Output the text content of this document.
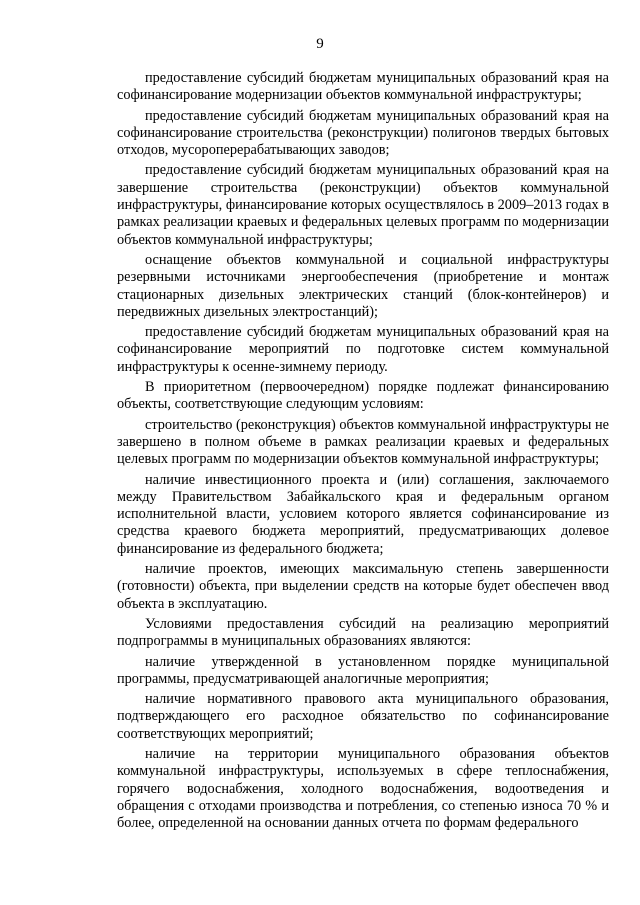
9

предоставление субсидий бюджетам муниципальных образований края на софинансирование модернизации объектов коммунальной инфраструктуры;

предоставление субсидий бюджетам муниципальных образований края на софинансирование строительства (реконструкции) полигонов твердых бытовых отходов, мусороперерабатывающих заводов;

предоставление субсидий бюджетам муниципальных образований края на завершение строительства (реконструкции) объектов коммунальной инфраструктуры, финансирование которых осуществлялось в 2009–2013 годах в рамках реализации краевых и федеральных целевых программ по модернизации объектов коммунальной инфраструктуры;

оснащение объектов коммунальной и социальной инфраструктуры резервными источниками энергообеспечения (приобретение и монтаж стационарных дизельных электрических станций (блок-контейнеров) и передвижных дизельных электростанций);

предоставление субсидий бюджетам муниципальных образований края на софинансирование мероприятий по подготовке систем коммунальной инфраструктуры к осенне-зимнему периоду.

В приоритетном (первоочередном) порядке подлежат финансированию объекты, соответствующие следующим условиям:

строительство (реконструкция) объектов коммунальной инфраструктуры не завершено в полном объеме в рамках реализации краевых и федеральных целевых программ по модернизации объектов коммунальной инфраструктуры;

наличие инвестиционного проекта и (или) соглашения, заключаемого между Правительством Забайкальского края и федеральным органом исполнительной власти, условием которого является софинансирование из средства краевого бюджета мероприятий, предусматривающих долевое финансирование из федерального бюджета;

наличие проектов, имеющих максимальную степень завершенности (готовности) объекта, при выделении средств на которые будет обеспечен ввод объекта в эксплуатацию.

Условиями предоставления субсидий на реализацию мероприятий подпрограммы в муниципальных образованиях являются:

наличие утвержденной в установленном порядке муниципальной программы, предусматривающей аналогичные мероприятия;

наличие нормативного правового акта муниципального образования, подтверждающего его расходное обязательство по софинансирование соответствующих мероприятий;

наличие на территории муниципального образования объектов коммунальной инфраструктуры, используемых в сфере теплоснабжения, горячего водоснабжения, холодного водоснабжения, водоотведения и обращения с отходами производства и потребления, со степенью износа 70 % и более, определенной на основании данных отчета по формам федерального
